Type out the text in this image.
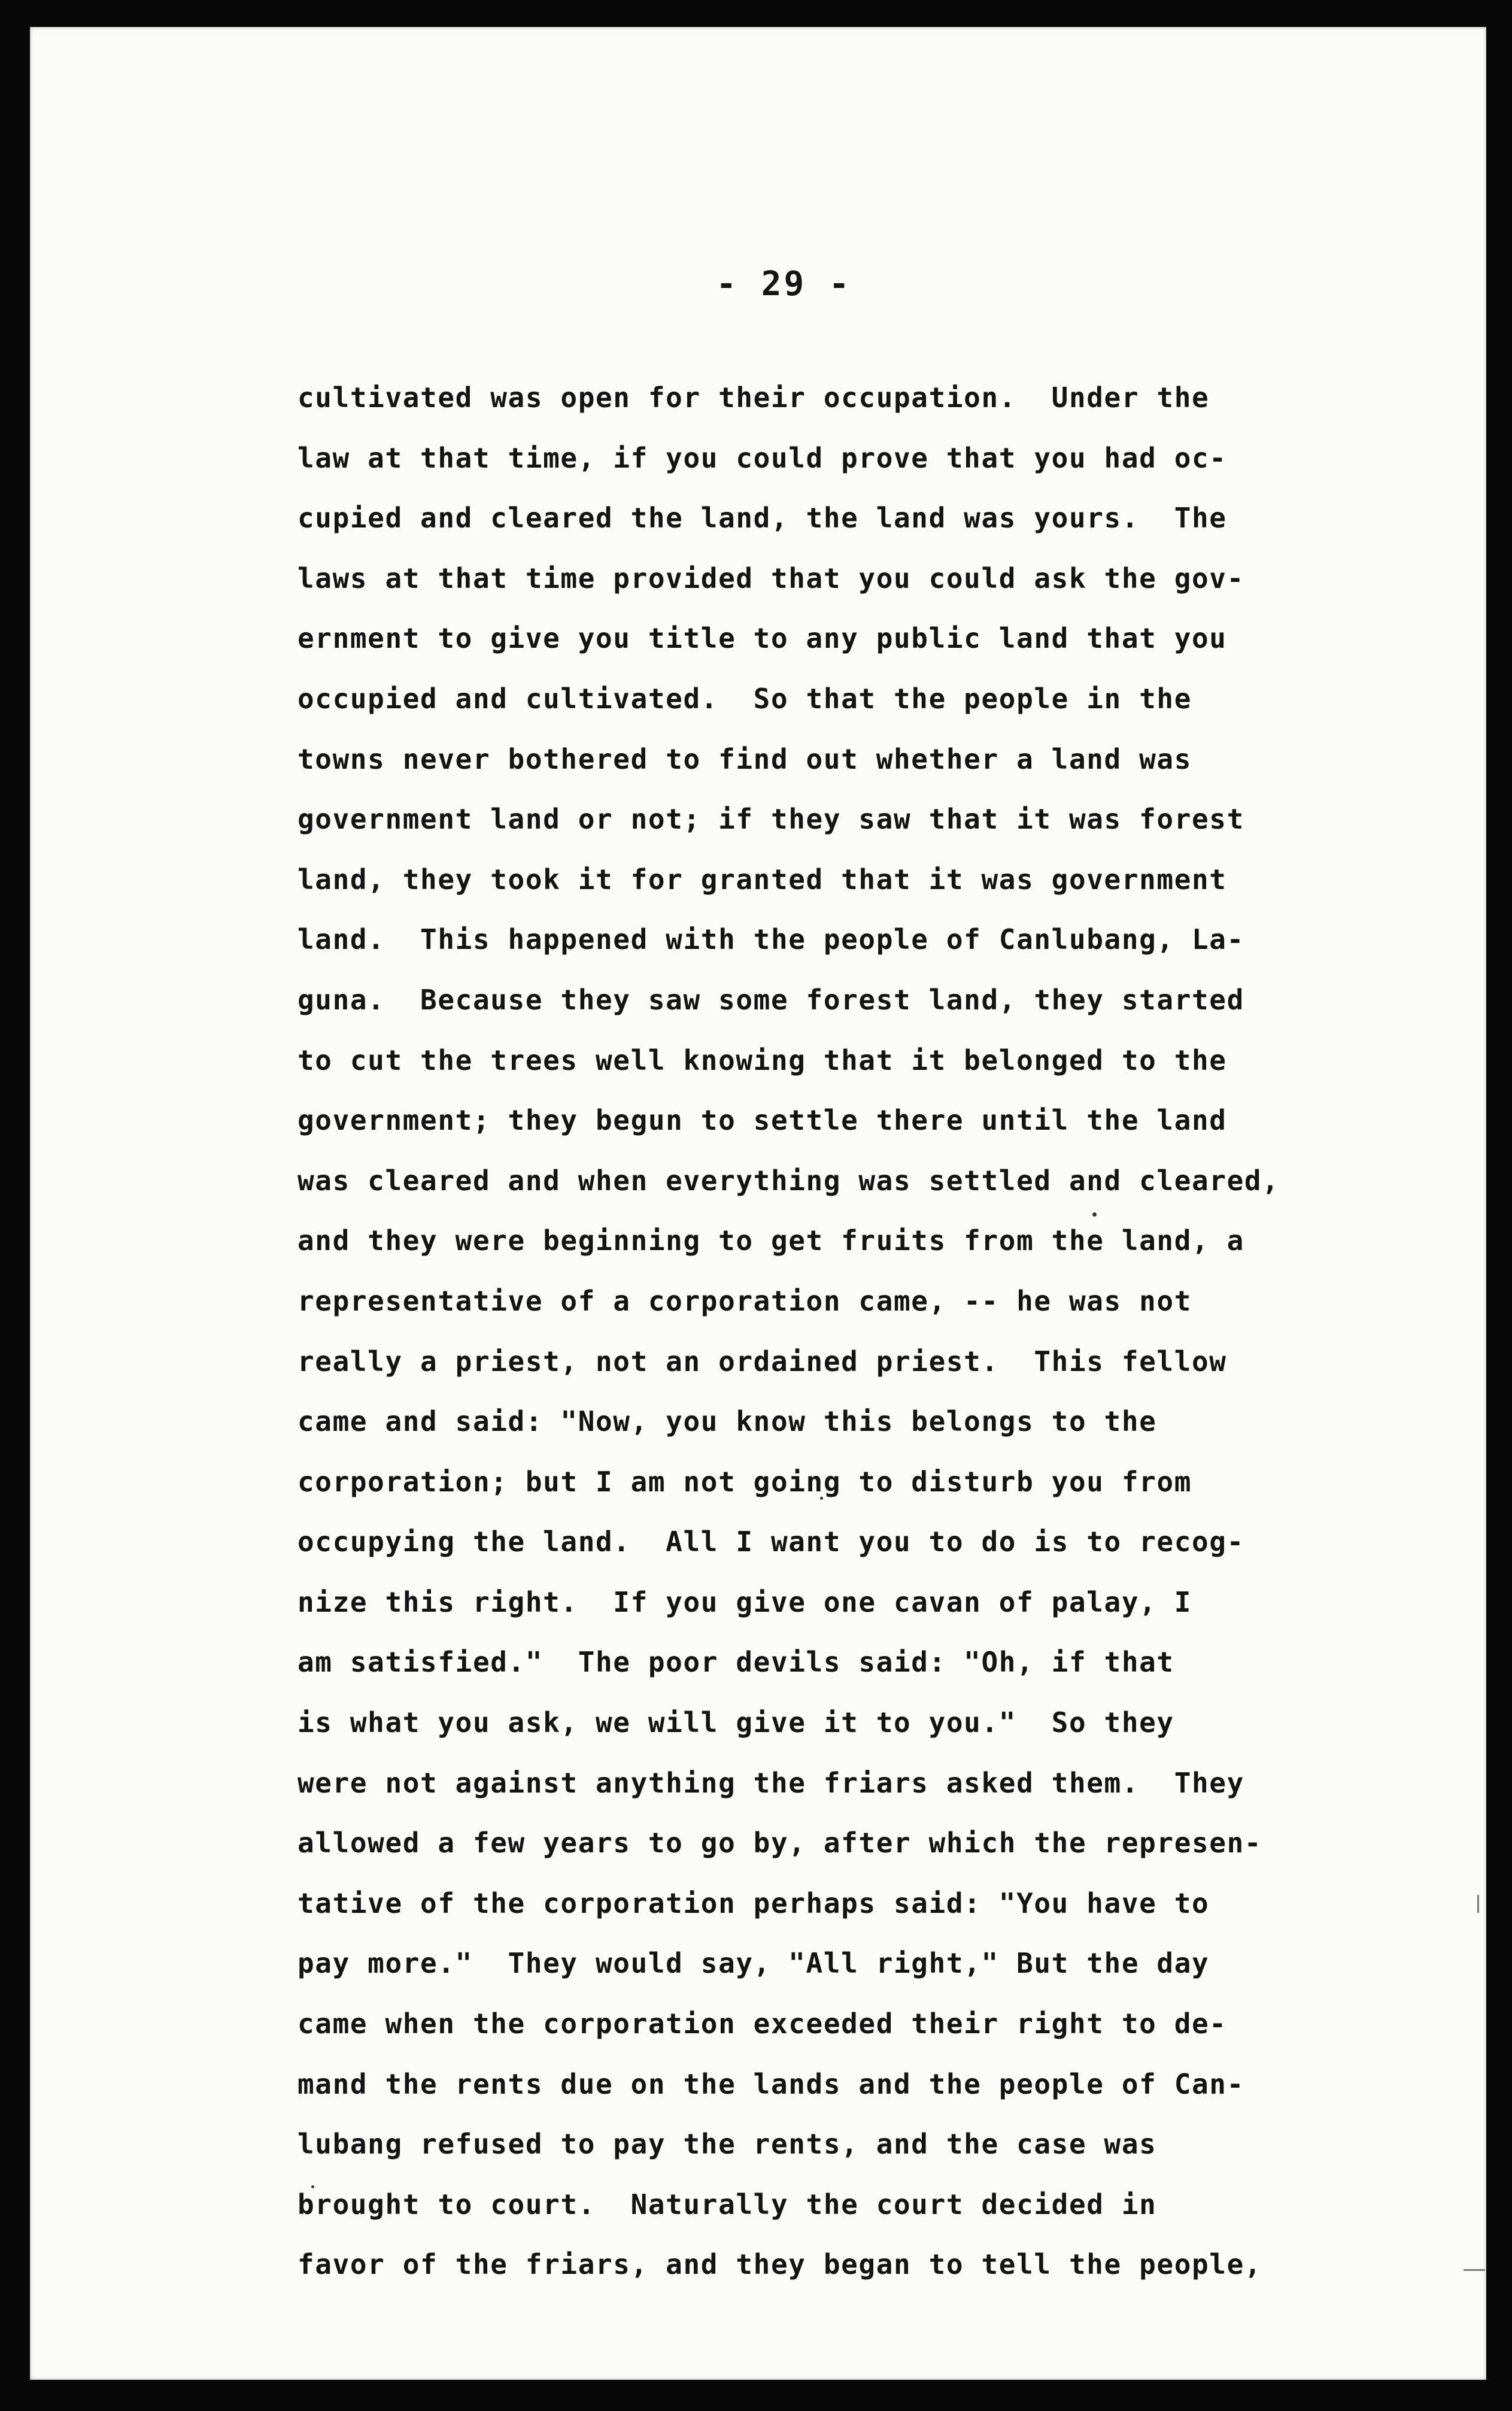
- 29 -
cultivated was open for their occupation.  Under the
law at that time, if you could prove that you had oc-
cupied and cleared the land, the land was yours.  The
laws at that time provided that you could ask the gov-
ernment to give you title to any public land that you
occupied and cultivated.  So that the people in the
towns never bothered to find out whether a land was
government land or not; if they saw that it was forest
land, they took it for granted that it was government
land.  This happened with the people of Canlubang, La-
guna.  Because they saw some forest land, they started
to cut the trees well knowing that it belonged to the
government; they begun to settle there until the land
was cleared and when everything was settled and cleared,
and they were beginning to get fruits from the land, a
representative of a corporation came, -- he was not
really a priest, not an ordained priest.  This fellow
came and said: "Now, you know this belongs to the
corporation; but I am not going to disturb you from
occupying the land.  All I want you to do is to recog-
nize this right.  If you give one cavan of palay, I
am satisfied."  The poor devils said: "Oh, if that
is what you ask, we will give it to you."  So they
were not against anything the friars asked them.  They
allowed a few years to go by, after which the represen-
tative of the corporation perhaps said: "You have to
pay more."  They would say, "All right," But the day
came when the corporation exceeded their right to de-
mand the rents due on the lands and the people of Can-
lubang refused to pay the rents, and the case was
brought to court.  Naturally the court decided in
favor of the friars, and they began to tell the people,
